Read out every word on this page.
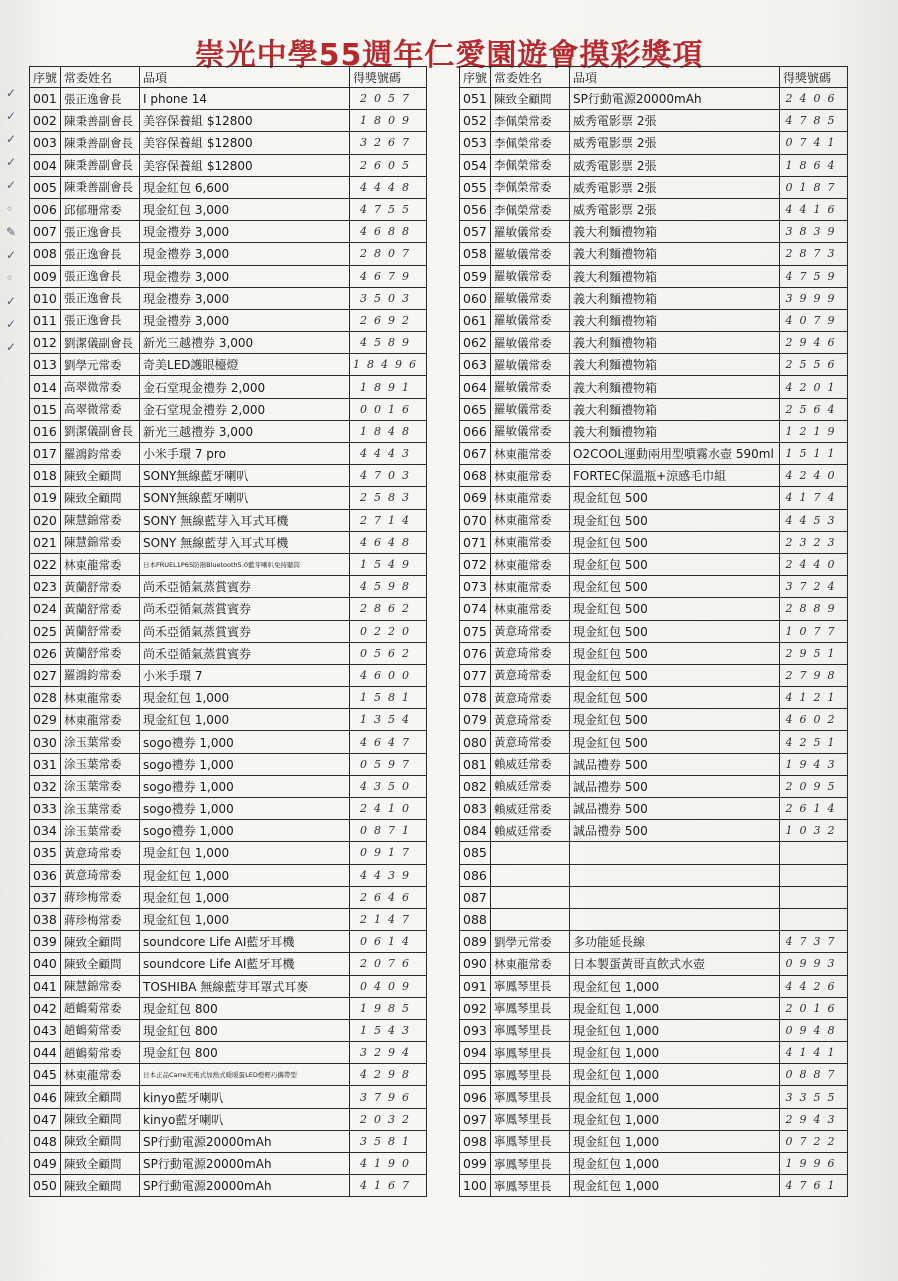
崇光中學55週年仁愛園遊會摸彩獎項
序號	常委姓名	品項	得獎號碼
001	張正逸會長	I phone 14	2057
002	陳秉善副會長	美容保養組 $12800	1809
003	陳秉善副會長	美容保養組 $12800	3267
004	陳秉善副會長	美容保養組 $12800	2605
005	陳秉善副會長	現金紅包 6,600	4448
006	邱郁珊常委	現金紅包 3,000	4755
007	張正逸會長	現金禮券 3,000	4688
008	張正逸會長	現金禮券 3,000	2807
009	張正逸會長	現金禮券 3,000	4679
010	張正逸會長	現金禮券 3,000	3503
011	張正逸會長	現金禮券 3,000	2692
012	劉潔儀副會長	新光三越禮券 3,000	4589
013	劉學元常委	奇美LED護眼檯燈	18496
014	高翠微常委	金石堂現金禮券 2,000	1891
015	高翠微常委	金石堂現金禮券 2,000	0016
016	劉潔儀副會長	新光三越禮券 3,000	1848
017	羅鴻鈞常委	小米手環 7 pro	4443
018	陳致全顧問	SONY無線藍牙喇叭	4703
019	陳致全顧問	SONY無線藍牙喇叭	2583
020	陳慧錦常委	SONY 無線藍芽入耳式耳機	2714
021	陳慧錦常委	SONY 無線藍芽入耳式耳機	4648
022	林東龍常委	日本FRUEL1P6S防潑Bluetooth5.0藍芽喇叭免持聽筒	1549
023	黃蘭舒常委	尚禾亞循氣蒸賞賓券	4598
024	黃蘭舒常委	尚禾亞循氣蒸賞賓券	2862
025	黃蘭舒常委	尚禾亞循氣蒸賞賓券	0220
026	黃蘭舒常委	尚禾亞循氣蒸賞賓券	0562
027	羅鴻鈞常委	小米手環 7	4600
028	林東龍常委	現金紅包 1,000	1581
029	林東龍常委	現金紅包 1,000	1354
030	涂玉葉常委	sogo禮券 1,000	4647
031	涂玉葉常委	sogo禮券 1,000	0597
032	涂玉葉常委	sogo禮券 1,000	4350
033	涂玉葉常委	sogo禮券 1,000	2410
034	涂玉葉常委	sogo禮券 1,000	0871
035	黃意琦常委	現金紅包 1,000	0917
036	黃意琦常委	現金紅包 1,000	4439
037	蔣珍梅常委	現金紅包 1,000	2646
038	蔣珍梅常委	現金紅包 1,000	2147
039	陳致全顧問	soundcore Life AI藍牙耳機	0614
040	陳致全顧問	soundcore Life AI藍牙耳機	2076
041	陳慧錦常委	TOSHIBA 無線藍芽耳罩式耳麥	0409
042	趙鶴菊常委	現金紅包 800	1985
043	趙鶴菊常委	現金紅包 800	1543
044	趙鶴菊常委	現金紅包 800	3294
045	林東龍常委	日本正品Carre充電式加熱式暖暖蛋LED燈輕巧攜帶型	4298
046	陳致全顧問	kinyo藍牙喇叭	3796
047	陳致全顧問	kinyo藍牙喇叭	2032
048	陳致全顧問	SP行動電源20000mAh	3581
049	陳致全顧問	SP行動電源20000mAh	4190
050	陳致全顧問	SP行動電源20000mAh	4167
序號	常委姓名	品項	得獎號碼
051	陳致全顧問	SP行動電源20000mAh	2406
052	李佩榮常委	威秀電影票 2張	4785
053	李佩榮常委	威秀電影票 2張	0741
054	李佩榮常委	威秀電影票 2張	1864
055	李佩榮常委	威秀電影票 2張	0187
056	李佩榮常委	威秀電影票 2張	4416
057	羅敏儀常委	義大利麵禮物箱	3839
058	羅敏儀常委	義大利麵禮物箱	2873
059	羅敏儀常委	義大利麵禮物箱	4759
060	羅敏儀常委	義大利麵禮物箱	3999
061	羅敏儀常委	義大利麵禮物箱	4079
062	羅敏儀常委	義大利麵禮物箱	2946
063	羅敏儀常委	義大利麵禮物箱	2556
064	羅敏儀常委	義大利麵禮物箱	4201
065	羅敏儀常委	義大利麵禮物箱	2564
066	羅敏儀常委	義大利麵禮物箱	1219
067	林東龍常委	O2COOL運動兩用型噴霧水壺 590ml	1511
068	林東龍常委	FORTEC保溫瓶+涼感毛巾組	4240
069	林東龍常委	現金紅包 500	4174
070	林東龍常委	現金紅包 500	4453
071	林東龍常委	現金紅包 500	2323
072	林東龍常委	現金紅包 500	2440
073	林東龍常委	現金紅包 500	3724
074	林東龍常委	現金紅包 500	2889
075	黃意琦常委	現金紅包 500	1077
076	黃意琦常委	現金紅包 500	2951
077	黃意琦常委	現金紅包 500	2798
078	黃意琦常委	現金紅包 500	4121
079	黃意琦常委	現金紅包 500	4602
080	黃意琦常委	現金紅包 500	4251
081	賴威廷常委	誠品禮券 500	1943
082	賴威廷常委	誠品禮券 500	2095
083	賴威廷常委	誠品禮券 500	2614
084	賴威廷常委	誠品禮券 500	1032
085			
086			
087			
088			
089	劉學元常委	多功能延長線	4737
090	林東龍常委	日本製蛋黃哥直飲式水壺	0993
091	寧鳳琴里長	現金紅包 1,000	4426
092	寧鳳琴里長	現金紅包 1,000	2016
093	寧鳳琴里長	現金紅包 1,000	0948
094	寧鳳琴里長	現金紅包 1,000	4141
095	寧鳳琴里長	現金紅包 1,000	0887
096	寧鳳琴里長	現金紅包 1,000	3355
097	寧鳳琴里長	現金紅包 1,000	2943
098	寧鳳琴里長	現金紅包 1,000	0722
099	寧鳳琴里長	現金紅包 1,000	1996
100	寧鳳琴里長	現金紅包 1,000	4761
✓
✓
✓
✓
✓
◦
✎
✓
◦
✓
✓
✓
